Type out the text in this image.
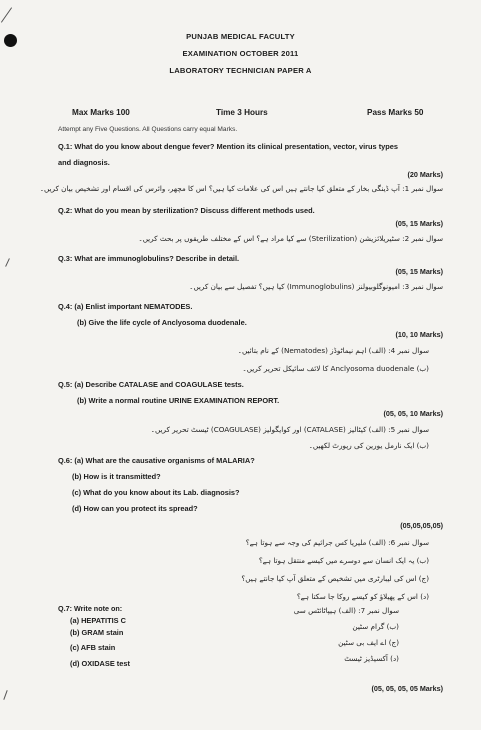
PUNJAB MEDICAL FACULTY
EXAMINATION OCTOBER 2011
LABORATORY TECHNICIAN PAPER A
Max Marks 100	Time 3 Hours	Pass Marks 50
Attempt any Five Questions. All Questions carry equal Marks.
Q.1: What do you know about dengue fever? Mention its clinical presentation, vector, virus types
and diagnosis.
(20 Marks)
سوال نمبر 1: آپ ڈینگی بخار کے متعلق کیا جانتے ہیں اس کی علامات کیا ہیں؟ اس کا مچھر، وائرس کی اقسام اور تشخیص بیان کریں۔
Q.2: What do you mean by sterilization? Discuss different methods used.
(05, 15 Marks)
سوال نمبر 2: سٹیریلائزیشن (Sterilization) سے کیا مراد ہے؟ اس کے مختلف طریقوں پر بحث کریں۔
Q.3: What are immunoglobulins? Describe in detail.
(05, 15 Marks)
سوال نمبر 3: امیونوگلوبیولنز (Immunoglobulins) کیا ہیں؟ تفصیل سے بیان کریں۔
Q.4: (a) Enlist important NEMATODES.
(b) Give the life cycle of Anclyosoma duodenale.
(10, 10 Marks)
سوال نمبر 4: (الف) اہم نیماٹوڈز (Nematodes) کے نام بتائیں۔
(ب) Anclyosoma duodenale کا لائف سائیکل تحریر کریں۔
Q.5: (a) Describe CATALASE and COAGULASE tests.
(b) Write a normal routine URINE EXAMINATION REPORT.
(05, 05, 10 Marks)
سوال نمبر 5: (الف) کیٹالیز (CATALASE) اور کوایگولیز (COAGULASE) ٹیسٹ تحریر کریں۔
(ب) ایک نارمل یورین کی رپورٹ لکھیں۔
Q.6: (a) What are the causative organisms of MALARIA?
(b) How is it transmitted?
(c) What do you know about its Lab. diagnosis?
(d) How can you protect its spread?
(05,05,05,05)
سوال نمبر 6: (الف) ملیریا کس جراثیم کی وجہ سے ہوتا ہے؟
(ب) یہ ایک انسان سے دوسرے میں کیسے منتقل ہوتا ہے؟
(ج) اس کی لیبارٹری میں تشخیص کے متعلق آپ کیا جانتے ہیں؟
(د) اس کے پھیلاؤ کو کیسے روکا جا سکتا ہے؟
Q.7: Write note on:
(a) HEPATITIS C
(b) GRAM stain
(c) AFB stain
(d) OXIDASE test
سوال نمبر 7: (الف) ہیپاٹائٹس سی
(ب) گرام سٹین
(ج) اے ایف بی سٹین
(د) آکسیڈیز ٹیسٹ
(05, 05, 05, 05 Marks)
